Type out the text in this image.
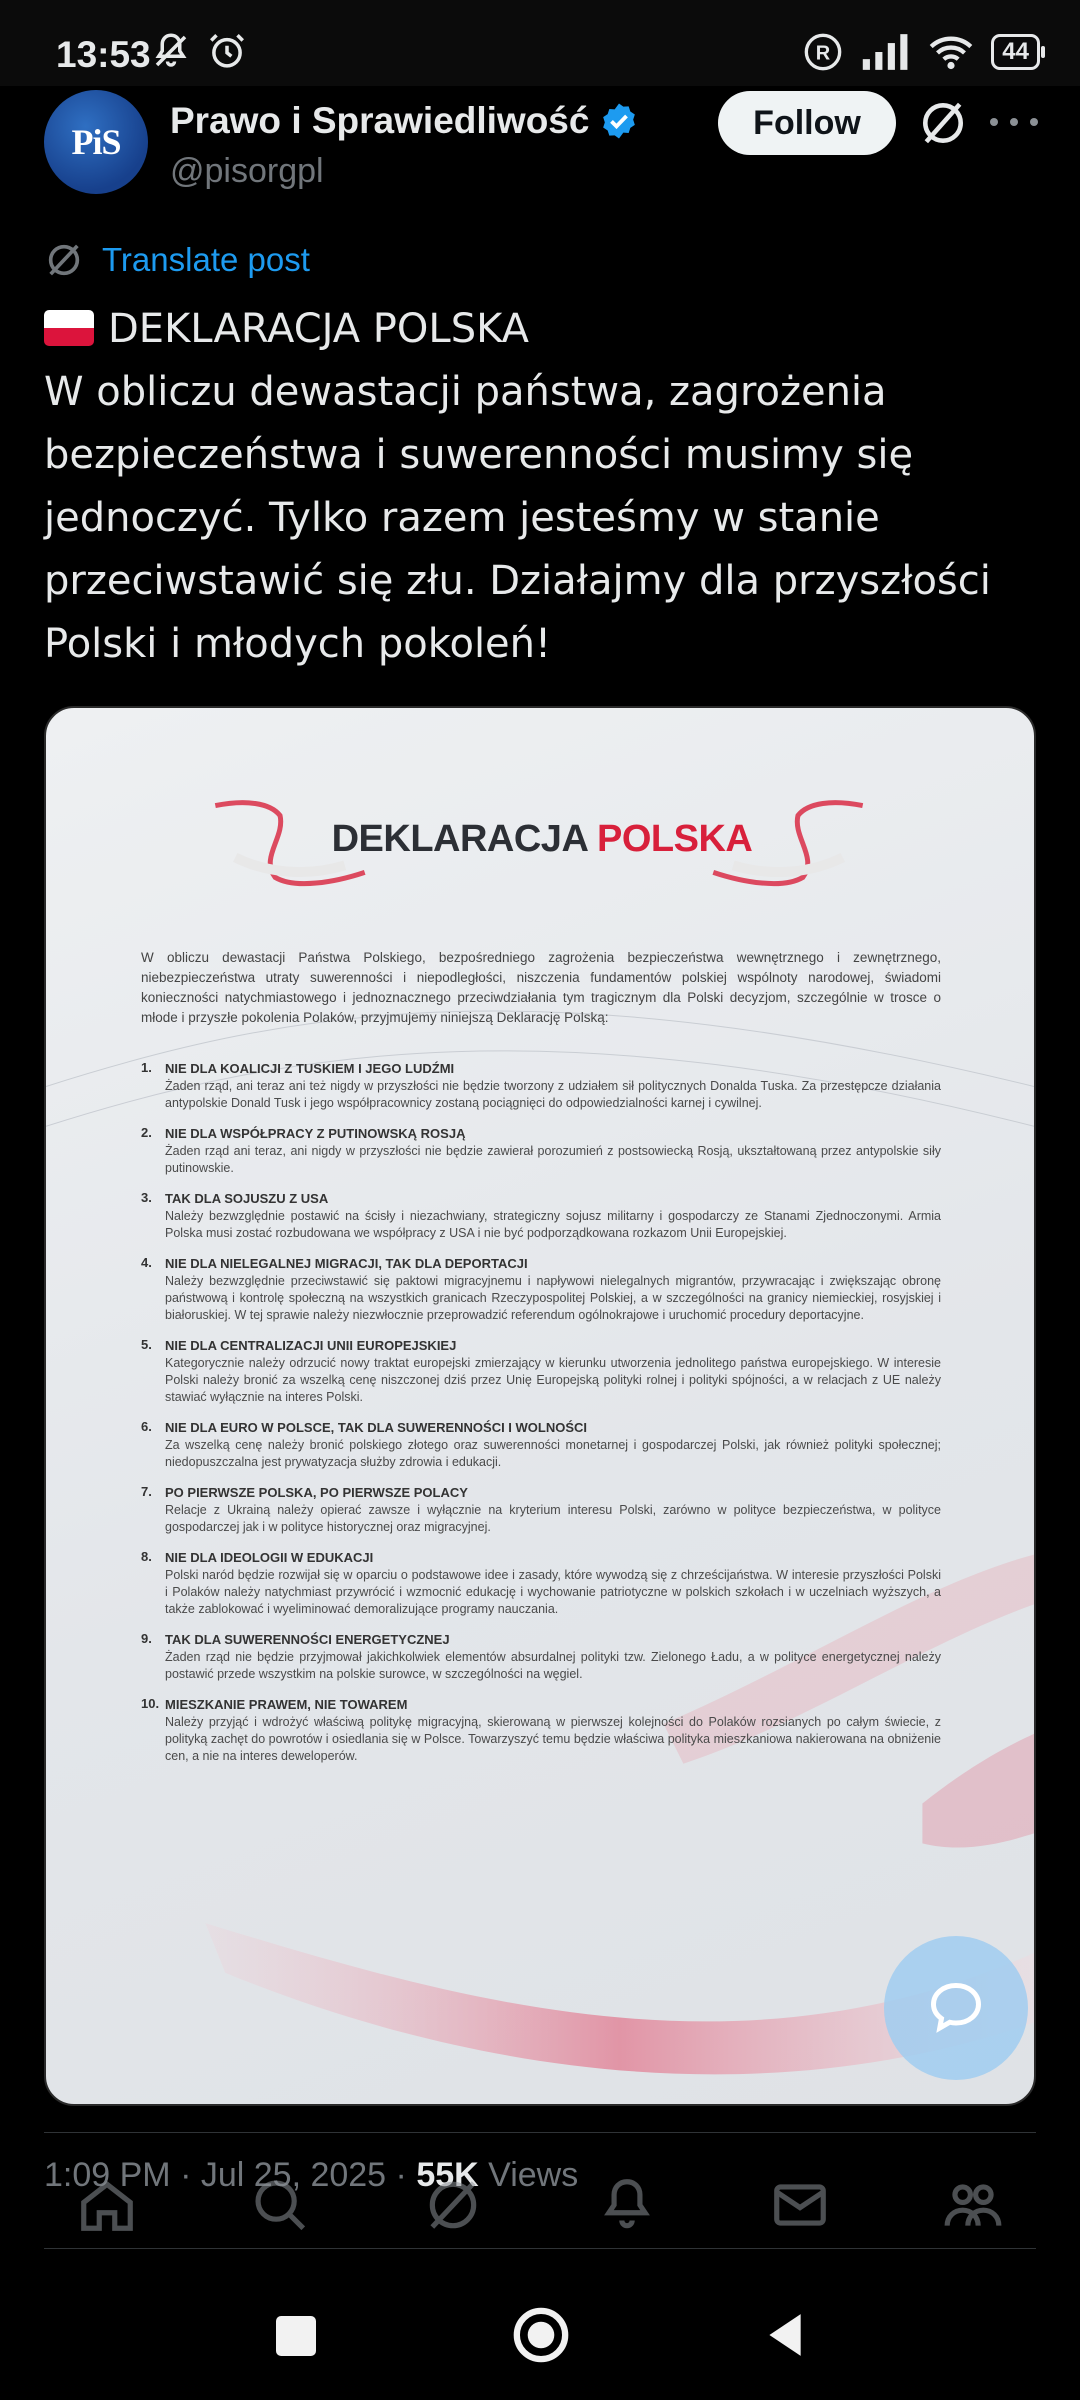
13:53	R	44
PiS
Prawo i Sprawiedliwość
@pisorgpl
Follow
Translate post
DEKLARACJA POLSKA
W obliczu dewastacji państwa, zagrożenia bezpieczeństwa i suwerenności musimy się jednoczyć. Tylko razem jesteśmy w stanie przeciwstawić się złu. Działajmy dla przyszłości Polski i młodych pokoleń!
DEKLARACJA POLSKA
W obliczu dewastacji Państwa Polskiego, bezpośredniego zagrożenia bezpieczeństwa wewnętrznego i zewnętrznego, niebezpieczeństwa utraty suwerenności i niepodległości, niszczenia fundamentów polskiej wspólnoty narodowej, świadomi konieczności natychmiastowego i jednoznacznego przeciwdziałania tym tragicznym dla Polski decyzjom, szczególnie w trosce o młode i przyszłe pokolenia Polaków, przyjmujemy niniejszą Deklarację Polską:
1. NIE DLA KOALICJI Z TUSKIEM I JEGO LUDŹMI
Żaden rząd, ani teraz ani też nigdy w przyszłości nie będzie tworzony z udziałem sił politycznych Donalda Tuska. Za przestępcze działania antypolskie Donald Tusk i jego współpracownicy zostaną pociągnięci do odpowiedzialności karnej i cywilnej.
2. NIE DLA WSPÓŁPRACY Z PUTINOWSKĄ ROSJĄ
Żaden rząd ani teraz, ani nigdy w przyszłości nie będzie zawierał porozumień z postsowiecką Rosją, ukształtowaną przez antypolskie siły putinowskie.
3. TAK DLA SOJUSZU Z USA
Należy bezwzględnie postawić na ścisły i niezachwiany, strategiczny sojusz militarny i gospodarczy ze Stanami Zjednoczonymi. Armia Polska musi zostać rozbudowana we współpracy z USA i nie być podporządkowana rozkazom Unii Europejskiej.
4. NIE DLA NIELEGALNEJ MIGRACJI, TAK DLA DEPORTACJI
Należy bezwzględnie przeciwstawić się paktowi migracyjnemu i napływowi nielegalnych migrantów, przywracając i zwiększając obronę państwową i kontrolę społeczną na wszystkich granicach Rzeczypospolitej Polskiej, a w szczególności na granicy niemieckiej, rosyjskiej i białoruskiej. W tej sprawie należy niezwłocznie przeprowadzić referendum ogólnokrajowe i uruchomić procedury deportacyjne.
5. NIE DLA CENTRALIZACJI UNII EUROPEJSKIEJ
Kategorycznie należy odrzucić nowy traktat europejski zmierzający w kierunku utworzenia jednolitego państwa europejskiego. W interesie Polski należy bronić za wszelką cenę niszczonej dziś przez Unię Europejską polityki rolnej i polityki spójności, a w relacjach z UE należy stawiać wyłącznie na interes Polski.
6. NIE DLA EURO W POLSCE, TAK DLA SUWERENNOŚCI I WOLNOŚCI
Za wszelką cenę należy bronić polskiego złotego oraz suwerenności monetarnej i gospodarczej Polski, jak również polityki społecznej; niedopuszczalna jest prywatyzacja służby zdrowia i edukacji.
7. PO PIERWSZE POLSKA, PO PIERWSZE POLACY
Relacje z Ukrainą należy opierać zawsze i wyłącznie na kryterium interesu Polski, zarówno w polityce bezpieczeństwa, w polityce gospodarczej jak i w polityce historycznej oraz migracyjnej.
8. NIE DLA IDEOLOGII W EDUKACJI
Polski naród będzie rozwijał się w oparciu o podstawowe idee i zasady, które wywodzą się z chrześcijaństwa. W interesie przyszłości Polski i Polaków należy natychmiast przywrócić i wzmocnić edukację i wychowanie patriotyczne w polskich szkołach i w uczelniach wyższych, a także zablokować i wyeliminować demoralizujące programy nauczania.
9. TAK DLA SUWERENNOŚCI ENERGETYCZNEJ
Żaden rząd nie będzie przyjmował jakichkolwiek elementów absurdalnej polityki tzw. Zielonego Ładu, a w polityce energetycznej należy postawić przede wszystkim na polskie surowce, w szczególności na węgiel.
10. MIESZKANIE PRAWEM, NIE TOWAREM
Należy przyjąć i wdrożyć właściwą politykę migracyjną, skierowaną w pierwszej kolejności do Polaków rozsianych po całym świecie, z polityką zachęt do powrotów i osiedlania się w Polsce. Towarzyszyć temu będzie właściwa polityka mieszkaniowa nakierowana na obniżenie cen, a nie na interes deweloperów.
1:09 PM · Jul 25, 2025 · 55K Views
